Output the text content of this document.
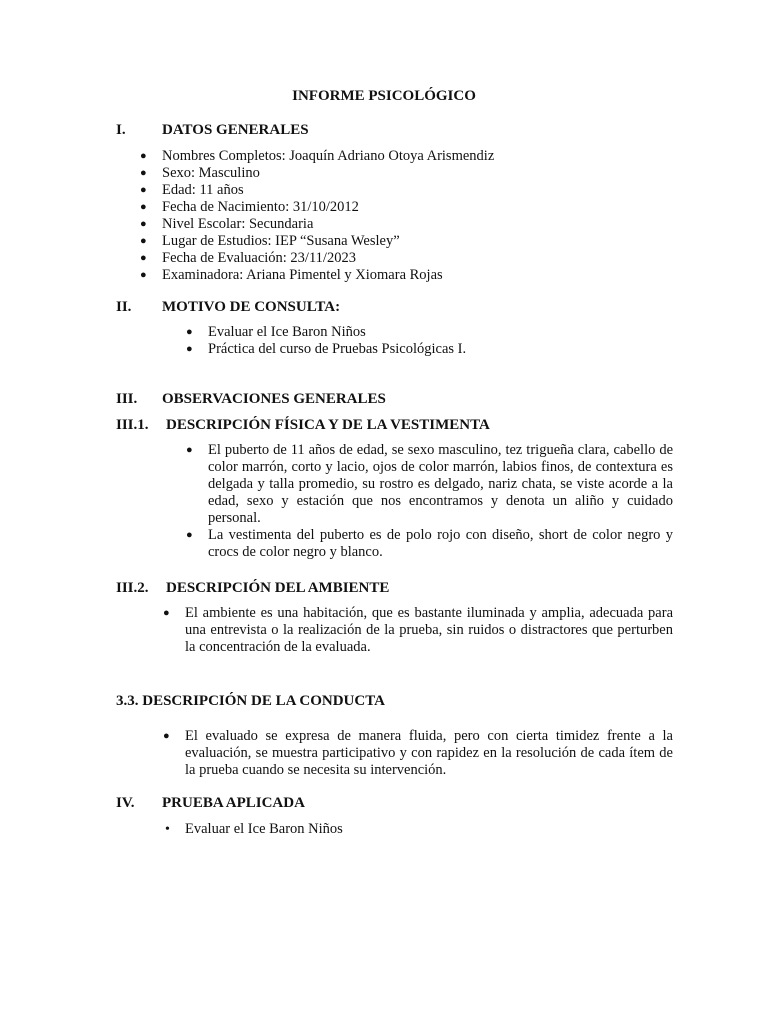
INFORME PSICOLÓGICO
I. DATOS GENERALES
● Nombres Completos: Joaquín Adriano Otoya Arismendiz
● Sexo: Masculino
● Edad: 11 años
● Fecha de Nacimiento: 31/10/2012
● Nivel Escolar: Secundaria
● Lugar de Estudios: IEP “Susana Wesley”
● Fecha de Evaluación: 23/11/2023
● Examinadora: Ariana Pimentel y Xiomara Rojas
II. MOTIVO DE CONSULTA:
● Evaluar el Ice Baron Niños
● Práctica del curso de Pruebas Psicológicas I.
III. OBSERVACIONES GENERALES
III.1. DESCRIPCIÓN FÍSICA Y DE LA VESTIMENTA
● El puberto de 11 años de edad, se sexo masculino, tez trigueña clara, cabello de color marrón, corto y lacio, ojos de color marrón, labios finos, de contextura es delgada y talla promedio, su rostro es delgado, nariz chata, se viste acorde a la edad, sexo y estación que nos encontramos y denota un aliño y cuidado personal.
● La vestimenta del puberto es de polo rojo con diseño, short de color negro y crocs de color negro y blanco.
III.2. DESCRIPCIÓN DEL AMBIENTE
● El ambiente es una habitación, que es bastante iluminada y amplia, adecuada para una entrevista o la realización de la prueba, sin ruidos o distractores que perturben la concentración de la evaluada.
3.3. DESCRIPCIÓN DE LA CONDUCTA
● El evaluado se expresa de manera fluida, pero con cierta timidez frente a la evaluación, se muestra participativo y con rapidez en la resolución de cada ítem de la prueba cuando se necesita su intervención.
IV. PRUEBA APLICADA
• Evaluar el Ice Baron Niños
